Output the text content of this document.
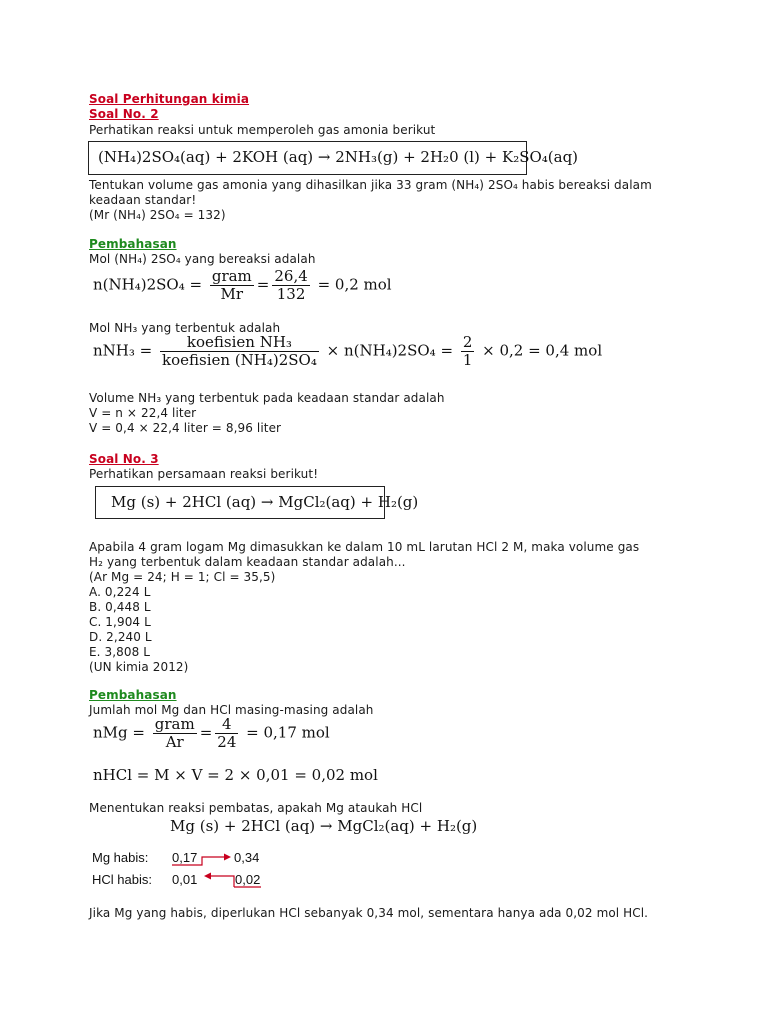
Soal Perhitungan kimia
Soal No. 2
Perhatikan reaksi untuk memperoleh gas amonia berikut
(NH₄)2SO₄(aq) + 2KOH (aq) → 2NH₃(g) + 2H₂0 (l) + K₂SO₄(aq)
Tentukan volume gas amonia yang dihasilkan jika 33 gram (NH₄) 2SO₄ habis bereaksi dalam
keadaan standar!
(Mr (NH₄) 2SO₄ = 132)
Pembahasan
Mol (NH₄) 2SO₄ yang bereaksi adalah
$n(NH_4)2SO_4 = \frac{\text{gram}}{Mr} = \frac{26,4}{132} = 0,2$ mol
Mol NH₃ yang terbentuk adalah
$nNH_3 = \frac{\text{koefisien NH₃}}{\text{koefisien (NH₄)2SO₄}} \times n(NH_4)2SO_4 = \frac{2}{1} \times 0,2 = 0,4$ mol
Volume NH₃ yang terbentuk pada keadaan standar adalah
V = n × 22,4 liter
V = 0,4 × 22,4 liter = 8,96 liter
Soal No. 3
Perhatikan persamaan reaksi berikut!
Mg (s) + 2HCl (aq) → MgCl₂(aq) + H₂(g)
Apabila 4 gram logam Mg dimasukkan ke dalam 10 mL larutan HCl 2 M, maka volume gas
H₂ yang terbentuk dalam keadaan standar adalah...
(Ar Mg = 24; H = 1; Cl = 35,5)
A. 0,224 L
B. 0,448 L
C. 1,904 L
D. 2,240 L
E. 3,808 L
(UN kimia 2012)
Pembahasan
Jumlah mol Mg dan HCl masing-masing adalah
nMg = $\frac{\text{gram}}{Ar} = \frac{4}{24} = 0,17$ mol
nHCl = M × V = 2 × 0,01 = 0,02 mol
Menentukan reaksi pembatas, apakah Mg ataukah HCl
Mg (s) + 2HCl (aq) → MgCl₂(aq) + H₂(g)
Mg habis: 0,17	0,34
HCl habis: 0,01	0,02
Jika Mg yang habis, diperlukan HCl sebanyak 0,34 mol, sementara hanya ada 0,02 mol HCl.
